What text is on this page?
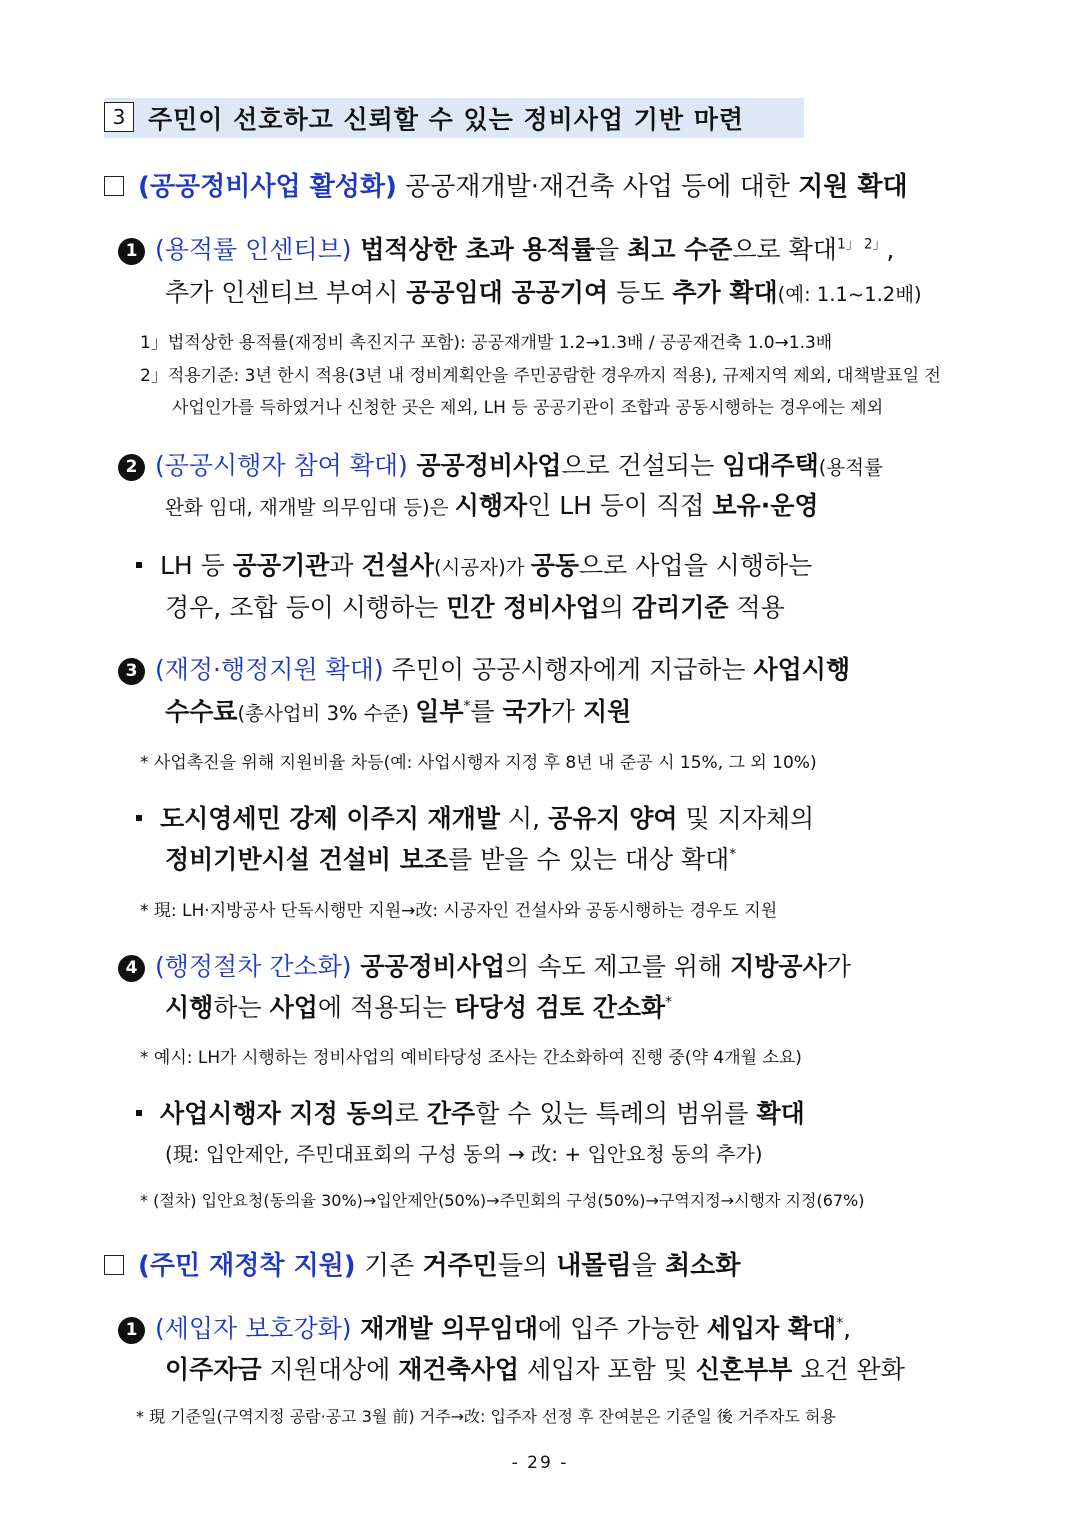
3 주민이 선호하고 신뢰할 수 있는 정비사업 기반 마련
(공공정비사업 활성화) 공공재개발·재건축 사업 등에 대한 지원 확대
1 (용적률 인센티브) 법적상한 초과 용적률을 최고 수준으로 확대$^{1」 2」}$,
추가 인센티브 부여시 공공임대 공공기여 등도 추가 확대(예: 1.1~1.2배)
1」법적상한 용적률(재정비 촉진지구 포함): 공공재개발 1.2→1.3배 / 공공재건축 1.0→1.3배
2」적용기준: 3년 한시 적용(3년 내 정비계획안을 주민공람한 경우까지 적용), 규제지역 제외, 대책발표일 전
사업인가를 득하였거나 신청한 곳은 제외, LH 등 공공기관이 조합과 공동시행하는 경우에는 제외
2 (공공시행자 참여 확대) 공공정비사업으로 건설되는 임대주택(용적률
완화 임대, 재개발 의무임대 등)은 시행자인 LH 등이 직접 보유·운영
LH 등 공공기관과 건설사(시공자)가 공동으로 사업을 시행하는
경우, 조합 등이 시행하는 민간 정비사업의 감리기준 적용
3 (재정·행정지원 확대) 주민이 공공시행자에게 지급하는 사업시행
수수료(총사업비 3% 수준) 일부*를 국가가 지원
* 사업촉진을 위해 지원비율 차등(예: 사업시행자 지정 후 8년 내 준공 시 15%, 그 외 10%)
도시영세민 강제 이주지 재개발 시, 공유지 양여 및 지자체의
정비기반시설 건설비 보조를 받을 수 있는 대상 확대*
* 現: LH·지방공사 단독시행만 지원→改: 시공자인 건설사와 공동시행하는 경우도 지원
4 (행정절차 간소화) 공공정비사업의 속도 제고를 위해 지방공사가
시행하는 사업에 적용되는 타당성 검토 간소화*
* 예시: LH가 시행하는 정비사업의 예비타당성 조사는 간소화하여 진행 중(약 4개월 소요)
사업시행자 지정 동의로 간주할 수 있는 특례의 범위를 확대
(現: 입안제안, 주민대표회의 구성 동의 → 改: + 입안요청 동의 추가)
* (절차) 입안요청(동의율 30%)→입안제안(50%)→주민회의 구성(50%)→구역지정→시행자 지정(67%)
(주민 재정착 지원) 기존 거주민들의 내몰림을 최소화
1 (세입자 보호강화) 재개발 의무임대에 입주 가능한 세입자 확대*,
이주자금 지원대상에 재건축사업 세입자 포함 및 신혼부부 요건 완화
* 現 기준일(구역지정 공람·공고 3월 前) 거주→改: 입주자 선정 후 잔여분은 기준일 後 거주자도 허용
- 29 -
